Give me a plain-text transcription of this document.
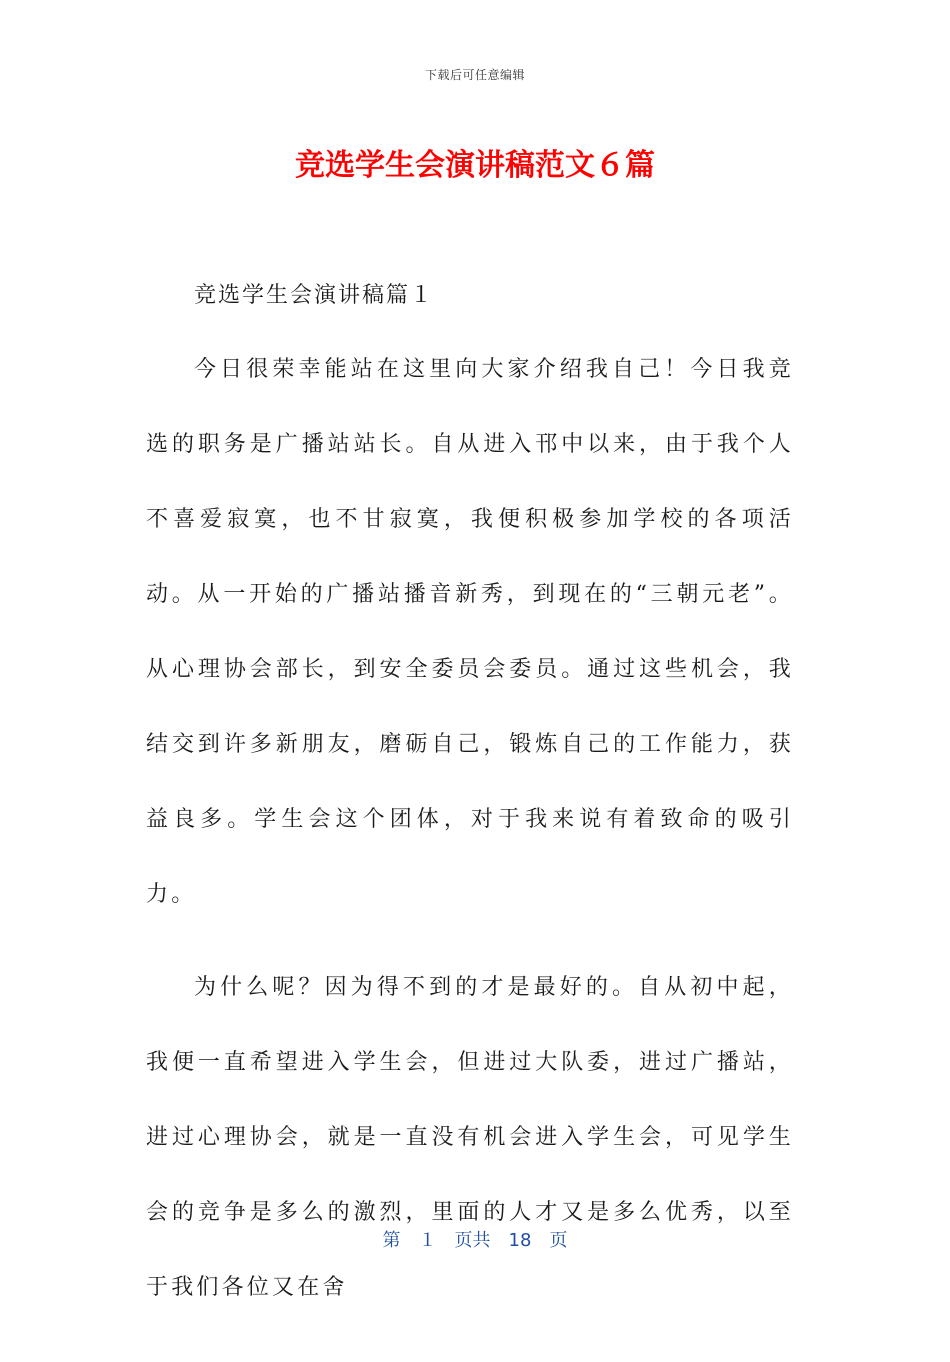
下载后可任意编辑
竞选学生会演讲稿范文６篇

竞选学生会演讲稿篇１

今日很荣幸能站在这里向大家介绍我自己！今日我竞选的职务是广播站站长。自从进入邗中以来，由于我个人不喜爱寂寞，也不甘寂寞，我便积极参加学校的各项活动。从一开始的广播站播音新秀，到现在的“三朝元老”。从心理协会部长，到安全委员会委员。通过这些机会，我结交到许多新朋友，磨砺自己，锻炼自己的工作能力，获益良多。学生会这个团体，对于我来说有着致命的吸引力。

为什么呢？因为得不到的才是最好的。自从初中起，我便一直希望进入学生会，但进过大队委，进过广播站，进过心理协会，就是一直没有机会进入学生会，可见学生会的竞争是多么的激烈，里面的人才又是多么优秀，以至于我们各位又在舍

第　１　页共　18　页
